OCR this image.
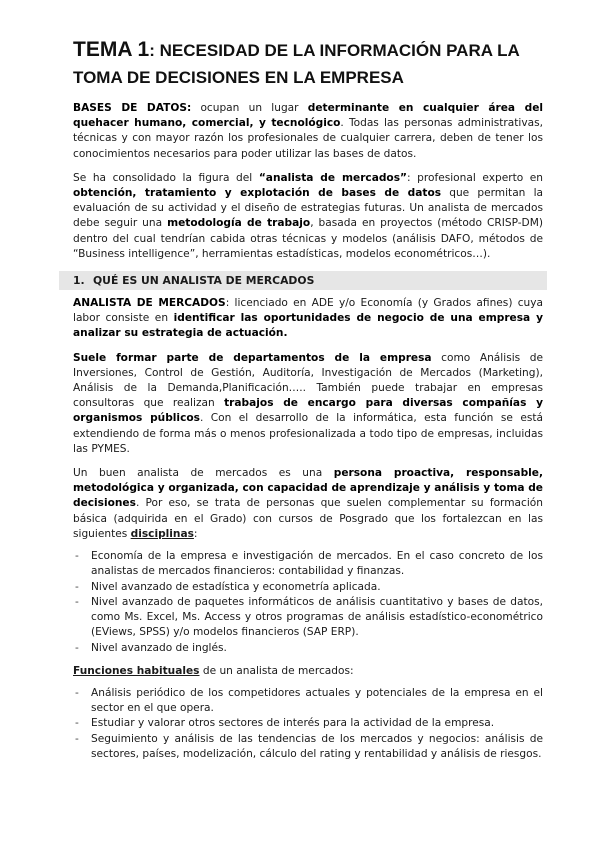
TEMA 1: NECESIDAD DE LA INFORMACIÓN PARA LA TOMA DE DECISIONES EN LA EMPRESA

BASES DE DATOS: ocupan un lugar determinante en cualquier área del quehacer humano, comercial, y tecnológico. Todas las personas administrativas, técnicas y con mayor razón los profesionales de cualquier carrera, deben de tener los conocimientos necesarios para poder utilizar las bases de datos.

Se ha consolidado la figura del “analista de mercados”: profesional experto en obtención, tratamiento y explotación de bases de datos que permitan la evaluación de su actividad y el diseño de estrategias futuras. Un analista de mercados debe seguir una metodología de trabajo, basada en proyectos (método CRISP-DM) dentro del cual tendrían cabida otras técnicas y modelos (análisis DAFO, métodos de “Business intelligence”, herramientas estadísticas, modelos econométricos…).

1. QUÉ ES UN ANALISTA DE MERCADOS

ANALISTA DE MERCADOS: licenciado en ADE y/o Economía (y Grados afines) cuya labor consiste en identificar las oportunidades de negocio de una empresa y analizar su estrategia de actuación.

Suele formar parte de departamentos de la empresa como Análisis de Inversiones, Control de Gestión, Auditoría, Investigación de Mercados (Marketing), Análisis de la Demanda,Planificación….. También puede trabajar en empresas consultoras que realizan trabajos de encargo para diversas compañías y organismos públicos. Con el desarrollo de la informática, esta función se está extendiendo de forma más o menos profesionalizada a todo tipo de empresas, incluidas las PYMES.

Un buen analista de mercados es una persona proactiva, responsable, metodológica y organizada, con capacidad de aprendizaje y análisis y toma de decisiones. Por eso, se trata de personas que suelen complementar su formación básica (adquirida en el Grado) con cursos de Posgrado que los fortalezcan en las siguientes disciplinas:

- Economía de la empresa e investigación de mercados. En el caso concreto de los analistas de mercados financieros: contabilidad y finanzas.
- Nivel avanzado de estadística y econometría aplicada.
- Nivel avanzado de paquetes informáticos de análisis cuantitativo y bases de datos, como Ms. Excel, Ms. Access y otros programas de análisis estadístico-econométrico (EViews, SPSS) y/o modelos financieros (SAP ERP).
- Nivel avanzado de inglés.

Funciones habituales de un analista de mercados:

- Análisis periódico de los competidores actuales y potenciales de la empresa en el sector en el que opera.
- Estudiar y valorar otros sectores de interés para la actividad de la empresa.
- Seguimiento y análisis de las tendencias de los mercados y negocios: análisis de sectores, países, modelización, cálculo del rating y rentabilidad y análisis de riesgos.
